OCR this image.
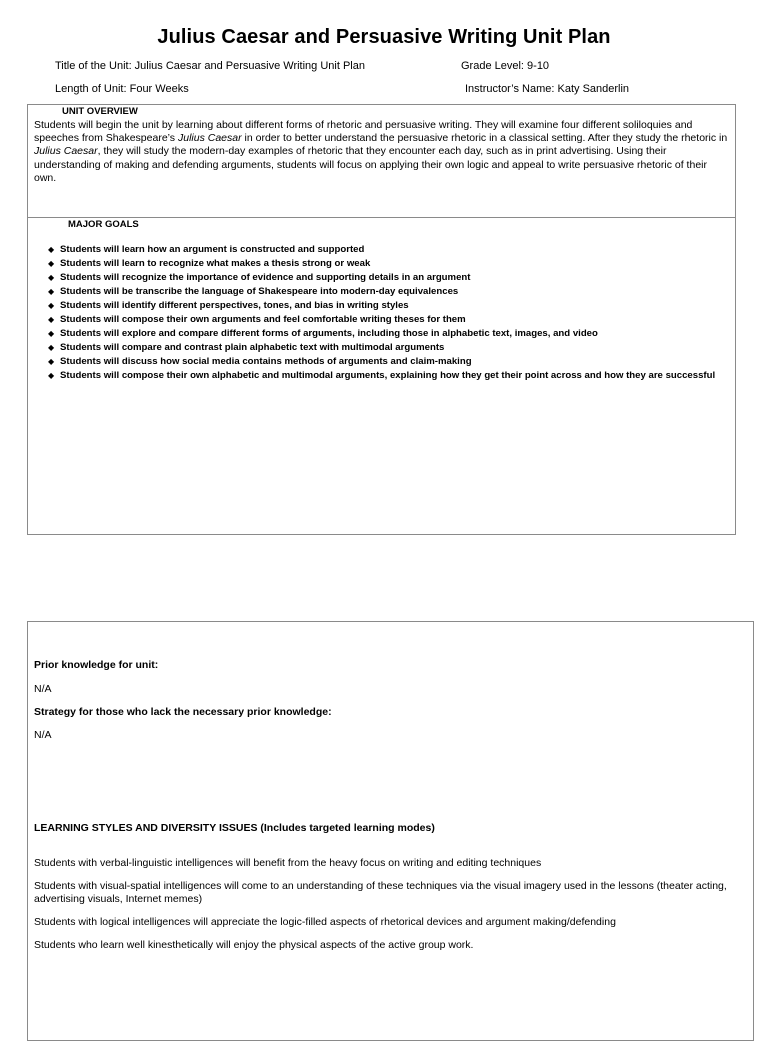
Julius Caesar and Persuasive Writing Unit Plan
Title of the Unit: Julius Caesar and Persuasive Writing Unit Plan	Grade Level: 9-10
Length of Unit: Four Weeks	Instructor’s Name: Katy Sanderlin
UNIT OVERVIEW
Students will begin the unit by learning about different forms of rhetoric and persuasive writing. They will examine four different soliloquies and speeches from Shakespeare’s Julius Caesar in order to better understand the persuasive rhetoric in a classical setting. After they study the rhetoric in Julius Caesar, they will study the modern-day examples of rhetoric that they encounter each day, such as in print advertising. Using their understanding of making and defending arguments, students will focus on applying their own logic and appeal to write persuasive rhetoric of their own.
MAJOR GOALS
◆ Students will learn how an argument is constructed and supported
◆ Students will learn to recognize what makes a thesis strong or weak
◆ Students will recognize the importance of evidence and supporting details in an argument
◆ Students will be transcribe the language of Shakespeare into modern-day equivalences
◆ Students will identify different perspectives, tones, and bias in writing styles
◆ Students will compose their own arguments and feel comfortable writing theses for them
◆ Students will explore and compare different forms of arguments, including those in alphabetic text, images, and video
◆ Students will compare and contrast plain alphabetic text with multimodal arguments
◆ Students will discuss how social media contains methods of arguments and claim-making
◆ Students will compose their own alphabetic and multimodal arguments, explaining how they get their point across and how they are successful
Prior knowledge for unit:
N/A
Strategy for those who lack the necessary prior knowledge:
N/A
LEARNING STYLES AND DIVERSITY ISSUES (Includes targeted learning modes)
Students with verbal-linguistic intelligences will benefit from the heavy focus on writing and editing techniques
Students with visual-spatial intelligences will come to an understanding of these techniques via the visual imagery used in the lessons (theater acting, advertising visuals, Internet memes)
Students with logical intelligences will appreciate the logic-filled aspects of rhetorical devices and argument making/defending
Students who learn well kinesthetically will enjoy the physical aspects of the active group work.
